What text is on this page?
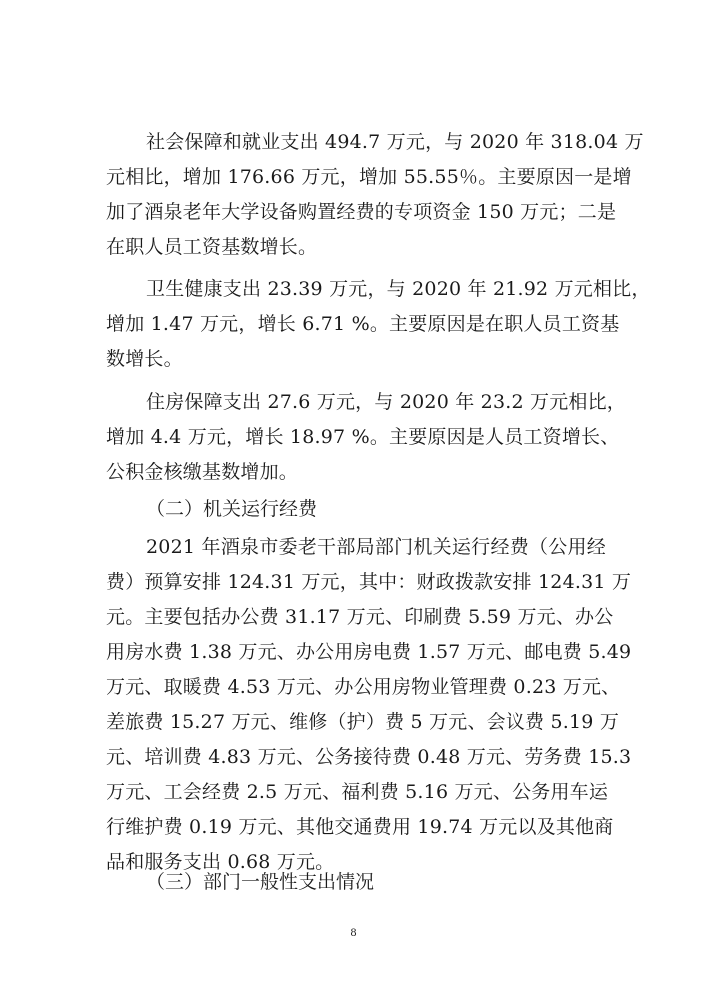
社会保障和就业支出 494.7 万元，与 2020 年 318.04 万
元相比，增加 176.66 万元，增加 55.55％。主要原因一是增
加了酒泉老年大学设备购置经费的专项资金 150 万元；二是
在职人员工资基数增长。
卫生健康支出 23.39 万元，与 2020 年 21.92 万元相比，
增加 1.47 万元，增长 6.71 %。主要原因是在职人员工资基
数增长。
住房保障支出 27.6 万元，与 2020 年 23.2 万元相比，
增加 4.4 万元，增长 18.97 %。主要原因是人员工资增长、
公积金核缴基数增加。
（二）机关运行经费
2021 年酒泉市委老干部局部门机关运行经费（公用经
费）预算安排 124.31 万元，其中：财政拨款安排 124.31 万
元。主要包括办公费 31.17 万元、印刷费 5.59 万元、办公
用房水费 1.38 万元、办公用房电费 1.57 万元、邮电费 5.49
万元、取暖费 4.53 万元、办公用房物业管理费 0.23 万元、
差旅费 15.27 万元、维修（护）费 5 万元、会议费 5.19 万
元、培训费 4.83 万元、公务接待费 0.48 万元、劳务费 15.3
万元、工会经费 2.5 万元、福利费 5.16 万元、公务用车运
行维护费 0.19 万元、其他交通费用 19.74 万元以及其他商
品和服务支出 0.68 万元。
（三）部门一般性支出情况
8
